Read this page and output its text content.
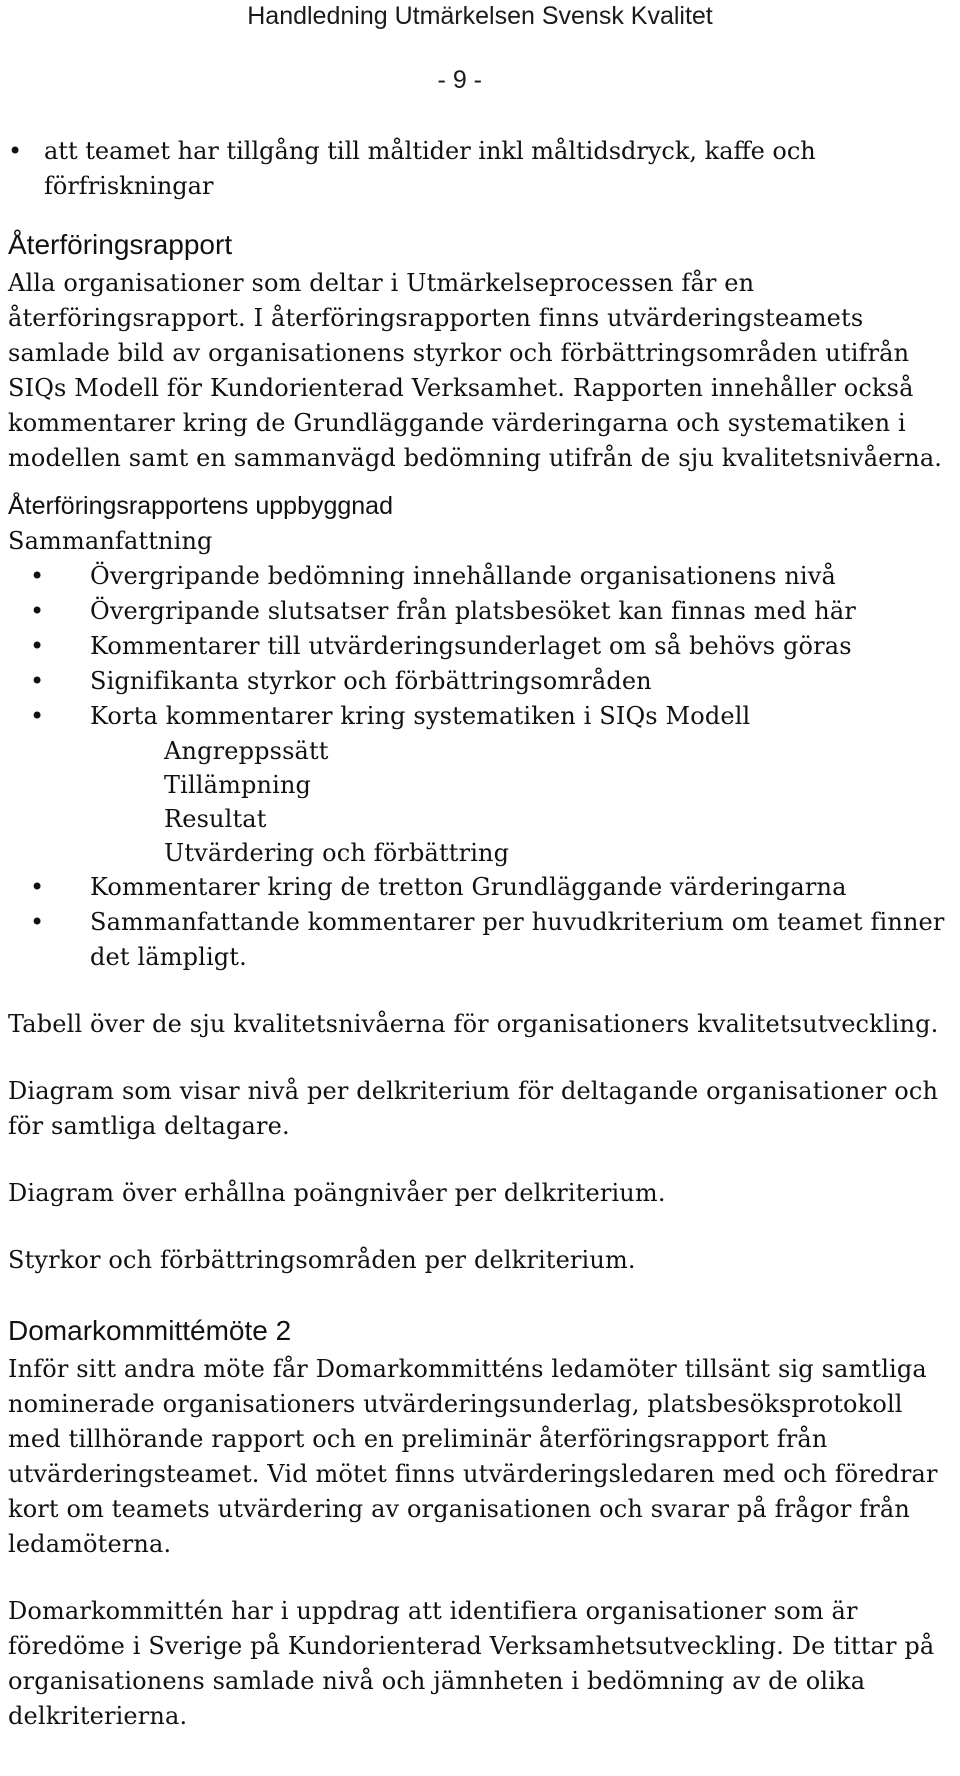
Handledning Utmärkelsen Svensk Kvalitet
- 9 -
• att teamet har tillgång till måltider inkl måltidsdryck, kaffe och förfriskningar
Återföringsrapport

Alla organisationer som deltar i Utmärkelseprocessen får en återföringsrapport. I återföringsrapporten finns utvärderingsteamets samlade bild av organisationens styrkor och förbättringsområden utifrån SIQs Modell för Kundorienterad Verksamhet. Rapporten innehåller också kommentarer kring de Grundläggande värderingarna och systematiken i modellen samt en sammanvägd bedömning utifrån de sju kvalitetsnivåerna.

Återföringsrapportens uppbyggnad

Sammanfattning

• Övergripande bedömning innehållande organisationens nivå
• Övergripande slutsatser från platsbesöket kan finnas med här
• Kommentarer till utvärderingsunderlaget om så behövs göras
• Signifikanta styrkor och förbättringsområden
• Korta kommentarer kring systematiken i SIQs Modell
Angreppssätt
Tillämpning
Resultat
Utvärdering och förbättring
• Kommentarer kring de tretton Grundläggande värderingarna
• Sammanfattande kommentarer per huvudkriterium om teamet finner det lämpligt.

Tabell över de sju kvalitetsnivåerna för organisationers kvalitetsutveckling.

Diagram som visar nivå per delkriterium för deltagande organisationer och för samtliga deltagare.

Diagram över erhållna poängnivåer per delkriterium.

Styrkor och förbättringsområden per delkriterium.

Domarkommittémöte 2

Inför sitt andra möte får Domarkommitténs ledamöter tillsänt sig samtliga nominerade organisationers utvärderingsunderlag, platsbesöksprotokoll med tillhörande rapport och en preliminär återföringsrapport från utvärderingsteamet. Vid mötet finns utvärderingsledaren med och föredrar kort om teamets utvärdering av organisationen och svarar på frågor från ledamöterna.

Domarkommittén har i uppdrag att identifiera organisationer som är föredöme i Sverige på Kundorienterad Verksamhetsutveckling. De tittar på organisationens samlade nivå och jämnheten i bedömning av de olika delkriterierna.
